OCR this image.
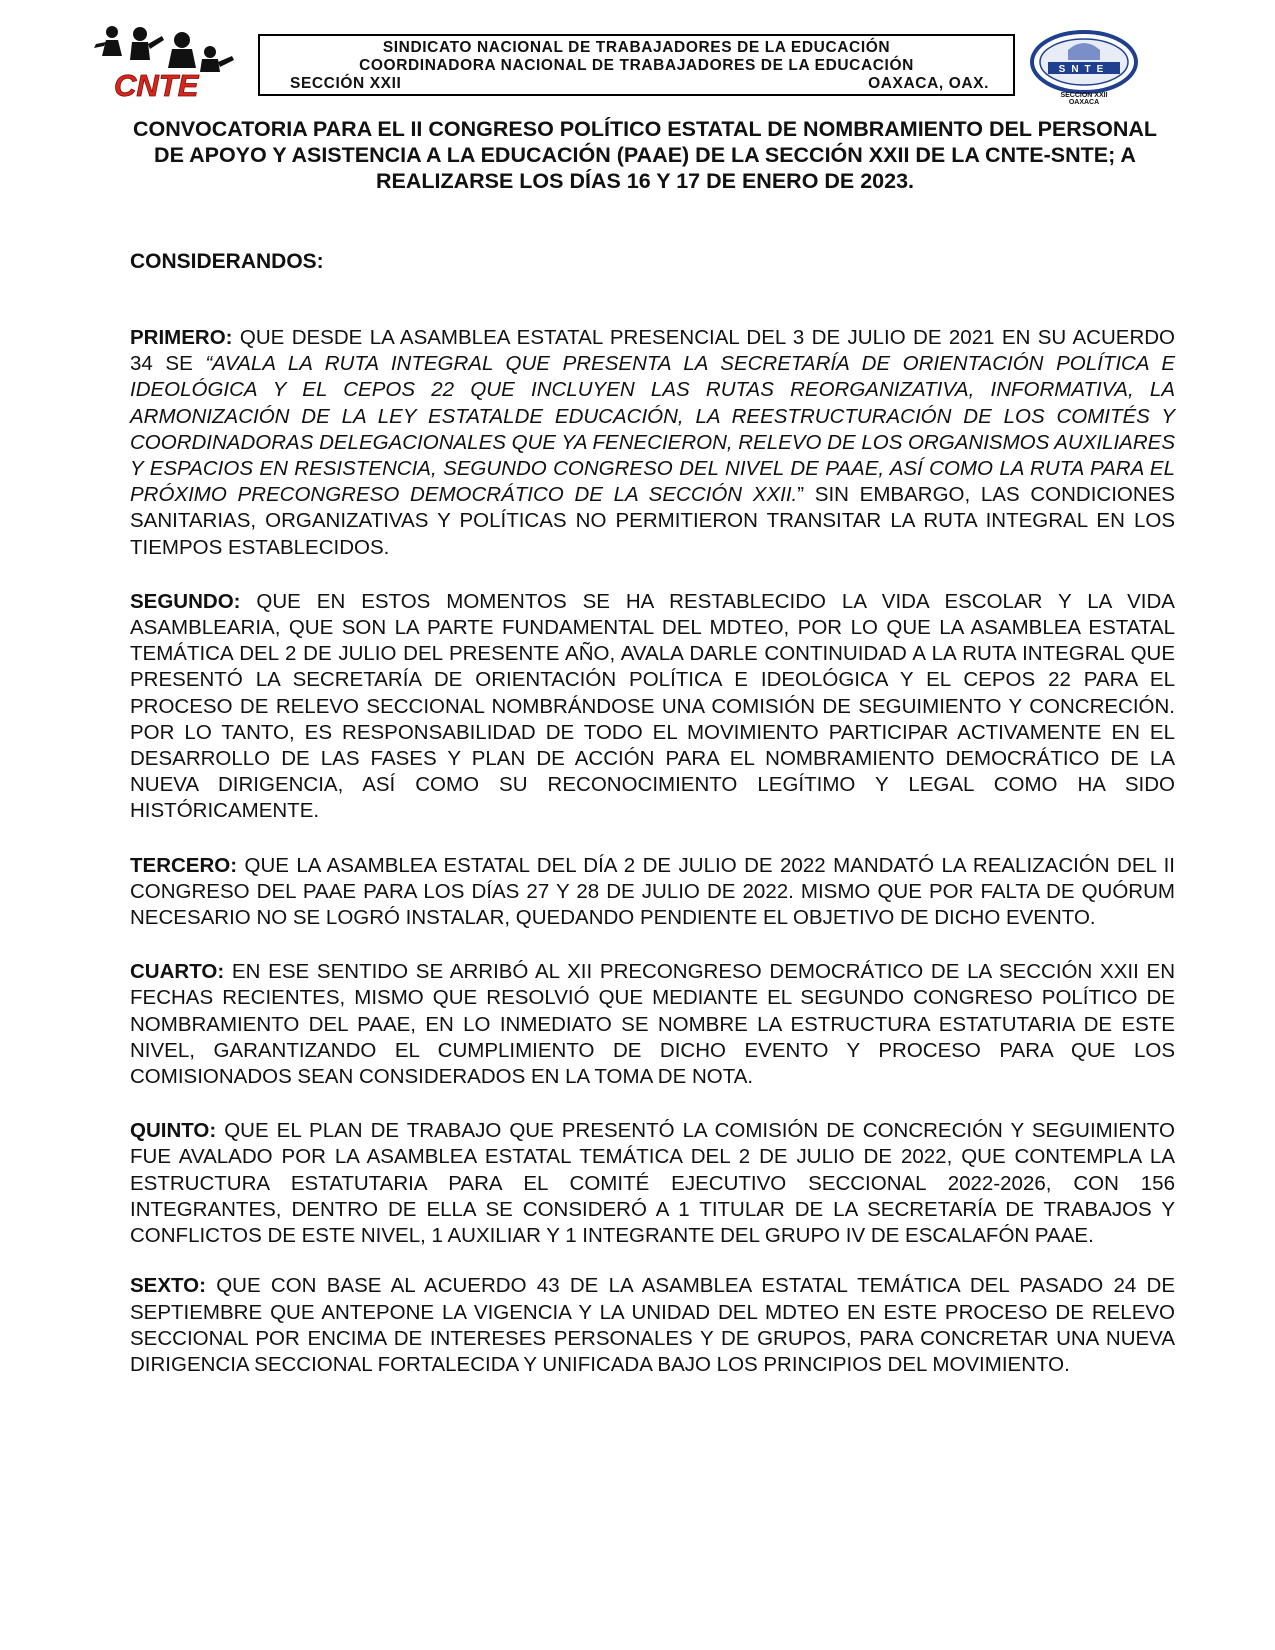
CNTE
SINDICATO NACIONAL DE TRABAJADORES DE LA EDUCACIÓN
COORDINADORA NACIONAL DE TRABAJADORES DE LA EDUCACIÓN
SECCIÓN XXII	OAXACA, OAX.
SNTE
SECCION XXII
OAXACA
CONVOCATORIA PARA EL II CONGRESO POLÍTICO ESTATAL DE NOMBRAMIENTO DEL PERSONAL DE APOYO Y ASISTENCIA A LA EDUCACIÓN (PAAE) DE LA SECCIÓN XXII DE LA CNTE-SNTE; A REALIZARSE LOS DÍAS 16 Y 17 DE ENERO DE 2023.
CONSIDERANDOS:

PRIMERO: QUE DESDE LA ASAMBLEA ESTATAL PRESENCIAL DEL 3 DE JULIO DE 2021 EN SU ACUERDO 34 SE “AVALA LA RUTA INTEGRAL QUE PRESENTA LA SECRETARÍA DE ORIENTACIÓN POLÍTICA E IDEOLÓGICA Y EL CEPOS 22 QUE INCLUYEN LAS RUTAS REORGANIZATIVA, INFORMATIVA, LA ARMONIZACIÓN DE LA LEY ESTATALDE EDUCACIÓN, LA REESTRUCTURACIÓN DE LOS COMITÉS Y COORDINADORAS DELEGACIONALES QUE YA FENECIERON, RELEVO DE LOS ORGANISMOS AUXILIARES Y ESPACIOS EN RESISTENCIA, SEGUNDO CONGRESO DEL NIVEL DE PAAE, ASÍ COMO LA RUTA PARA EL PRÓXIMO PRECONGRESO DEMOCRÁTICO DE LA SECCIÓN XXII.” SIN EMBARGO, LAS CONDICIONES SANITARIAS, ORGANIZATIVAS Y POLÍTICAS NO PERMITIERON TRANSITAR LA RUTA INTEGRAL EN LOS TIEMPOS ESTABLECIDOS.

SEGUNDO: QUE EN ESTOS MOMENTOS SE HA RESTABLECIDO LA VIDA ESCOLAR Y LA VIDA ASAMBLEARIA, QUE SON LA PARTE FUNDAMENTAL DEL MDTEO, POR LO QUE LA ASAMBLEA ESTATAL TEMÁTICA DEL 2 DE JULIO DEL PRESENTE AÑO, AVALA DARLE CONTINUIDAD A LA RUTA INTEGRAL QUE PRESENTÓ LA SECRETARÍA DE ORIENTACIÓN POLÍTICA E IDEOLÓGICA Y EL CEPOS 22 PARA EL PROCESO DE RELEVO SECCIONAL NOMBRÁNDOSE UNA COMISIÓN DE SEGUIMIENTO Y CONCRECIÓN. POR LO TANTO, ES RESPONSABILIDAD DE TODO EL MOVIMIENTO PARTICIPAR ACTIVAMENTE EN EL DESARROLLO DE LAS FASES Y PLAN DE ACCIÓN PARA EL NOMBRAMIENTO DEMOCRÁTICO DE LA NUEVA DIRIGENCIA, ASÍ COMO SU RECONOCIMIENTO LEGÍTIMO Y LEGAL COMO HA SIDO HISTÓRICAMENTE.

TERCERO: QUE LA ASAMBLEA ESTATAL DEL DÍA 2 DE JULIO DE 2022 MANDATÓ LA REALIZACIÓN DEL II CONGRESO DEL PAAE PARA LOS DÍAS 27 Y 28 DE JULIO DE 2022. MISMO QUE POR FALTA DE QUÓRUM NECESARIO NO SE LOGRÓ INSTALAR, QUEDANDO PENDIENTE EL OBJETIVO DE DICHO EVENTO.

CUARTO: EN ESE SENTIDO SE ARRIBÓ AL XII PRECONGRESO DEMOCRÁTICO DE LA SECCIÓN XXII EN FECHAS RECIENTES, MISMO QUE RESOLVIÓ QUE MEDIANTE EL SEGUNDO CONGRESO POLÍTICO DE NOMBRAMIENTO DEL PAAE, EN LO INMEDIATO SE NOMBRE LA ESTRUCTURA ESTATUTARIA DE ESTE NIVEL, GARANTIZANDO EL CUMPLIMIENTO DE DICHO EVENTO Y PROCESO PARA QUE LOS COMISIONADOS SEAN CONSIDERADOS EN LA TOMA DE NOTA.

QUINTO: QUE EL PLAN DE TRABAJO QUE PRESENTÓ LA COMISIÓN DE CONCRECIÓN Y SEGUIMIENTO FUE AVALADO POR LA ASAMBLEA ESTATAL TEMÁTICA DEL 2 DE JULIO DE 2022, QUE CONTEMPLA LA ESTRUCTURA ESTATUTARIA PARA EL COMITÉ EJECUTIVO SECCIONAL 2022-2026, CON 156 INTEGRANTES, DENTRO DE ELLA SE CONSIDERÓ A 1 TITULAR DE LA SECRETARÍA DE TRABAJOS Y CONFLICTOS DE ESTE NIVEL, 1 AUXILIAR Y 1 INTEGRANTE DEL GRUPO IV DE ESCALAFÓN PAAE.

SEXTO: QUE CON BASE AL ACUERDO 43 DE LA ASAMBLEA ESTATAL TEMÁTICA DEL PASADO 24 DE SEPTIEMBRE QUE ANTEPONE LA VIGENCIA Y LA UNIDAD DEL MDTEO EN ESTE PROCESO DE RELEVO SECCIONAL POR ENCIMA DE INTERESES PERSONALES Y DE GRUPOS, PARA CONCRETAR UNA NUEVA DIRIGENCIA SECCIONAL FORTALECIDA Y UNIFICADA BAJO LOS PRINCIPIOS DEL MOVIMIENTO.
